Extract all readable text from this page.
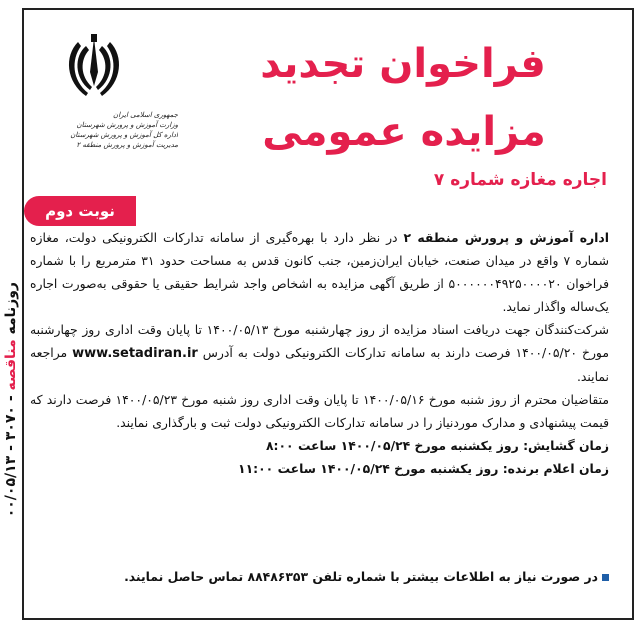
روزنامه مناقصه - ۳۰۷۰ - ۰۰/۰۵/۱۳
جمهوری اسلامی ایران
وزارت آموزش و پرورش شهرستان
اداره کل آموزش و پرورش شهرستان
مدیریت آموزش و پرورش منطقه ۲
فراخوان تجدید
مزایده عمومی
اجاره مغازه شماره ۷
نوبت دوم

اداره آموزش و پرورش منطقه ۲ در نظر دارد با بهره‌گیری از سامانه تدارکات الکترونیکی دولت، مغازه شماره ۷ واقع در میدان صنعت، خیابان ایران‌زمین، جنب کانون قدس به مساحت حدود ۳۱ مترمربع را با شماره فراخوان ۵۰۰۰۰۰۰۴۹۲۵۰۰۰۰۲۰ از طریق آگهی مزایده به اشخاص واجد شرایط حقیقی یا حقوقی به‌صورت اجاره یک‌ساله واگذار نماید.

شرکت‌کنندگان جهت دریافت اسناد مزایده از روز چهارشنبه مورخ ۱۴۰۰/۰۵/۱۳ تا پایان وقت اداری روز چهارشنبه مورخ ۱۴۰۰/۰۵/۲۰ فرصت دارند به سامانه تدارکات الکترونیکی دولت به آدرس www.setadiran.ir مراجعه نمایند.

متقاضیان محترم از روز شنبه مورخ ۱۴۰۰/۰۵/۱۶ تا پایان وقت اداری روز شنبه مورخ ۱۴۰۰/۰۵/۲۳ فرصت دارند که قیمت پیشنهادی و مدارک موردنیاز را در سامانه تدارکات الکترونیکی دولت ثبت و بارگذاری نمایند.

زمان گشایش: روز یکشنبه مورخ ۱۴۰۰/۰۵/۲۴ ساعت ۸:۰۰

زمان اعلام برنده: روز یکشنبه مورخ ۱۴۰۰/۰۵/۲۴ ساعت ۱۱:۰۰

در صورت نیاز به اطلاعات بیشتر با شماره تلفن ۸۸۴۸۶۳۵۳ تماس حاصل نمایند.
